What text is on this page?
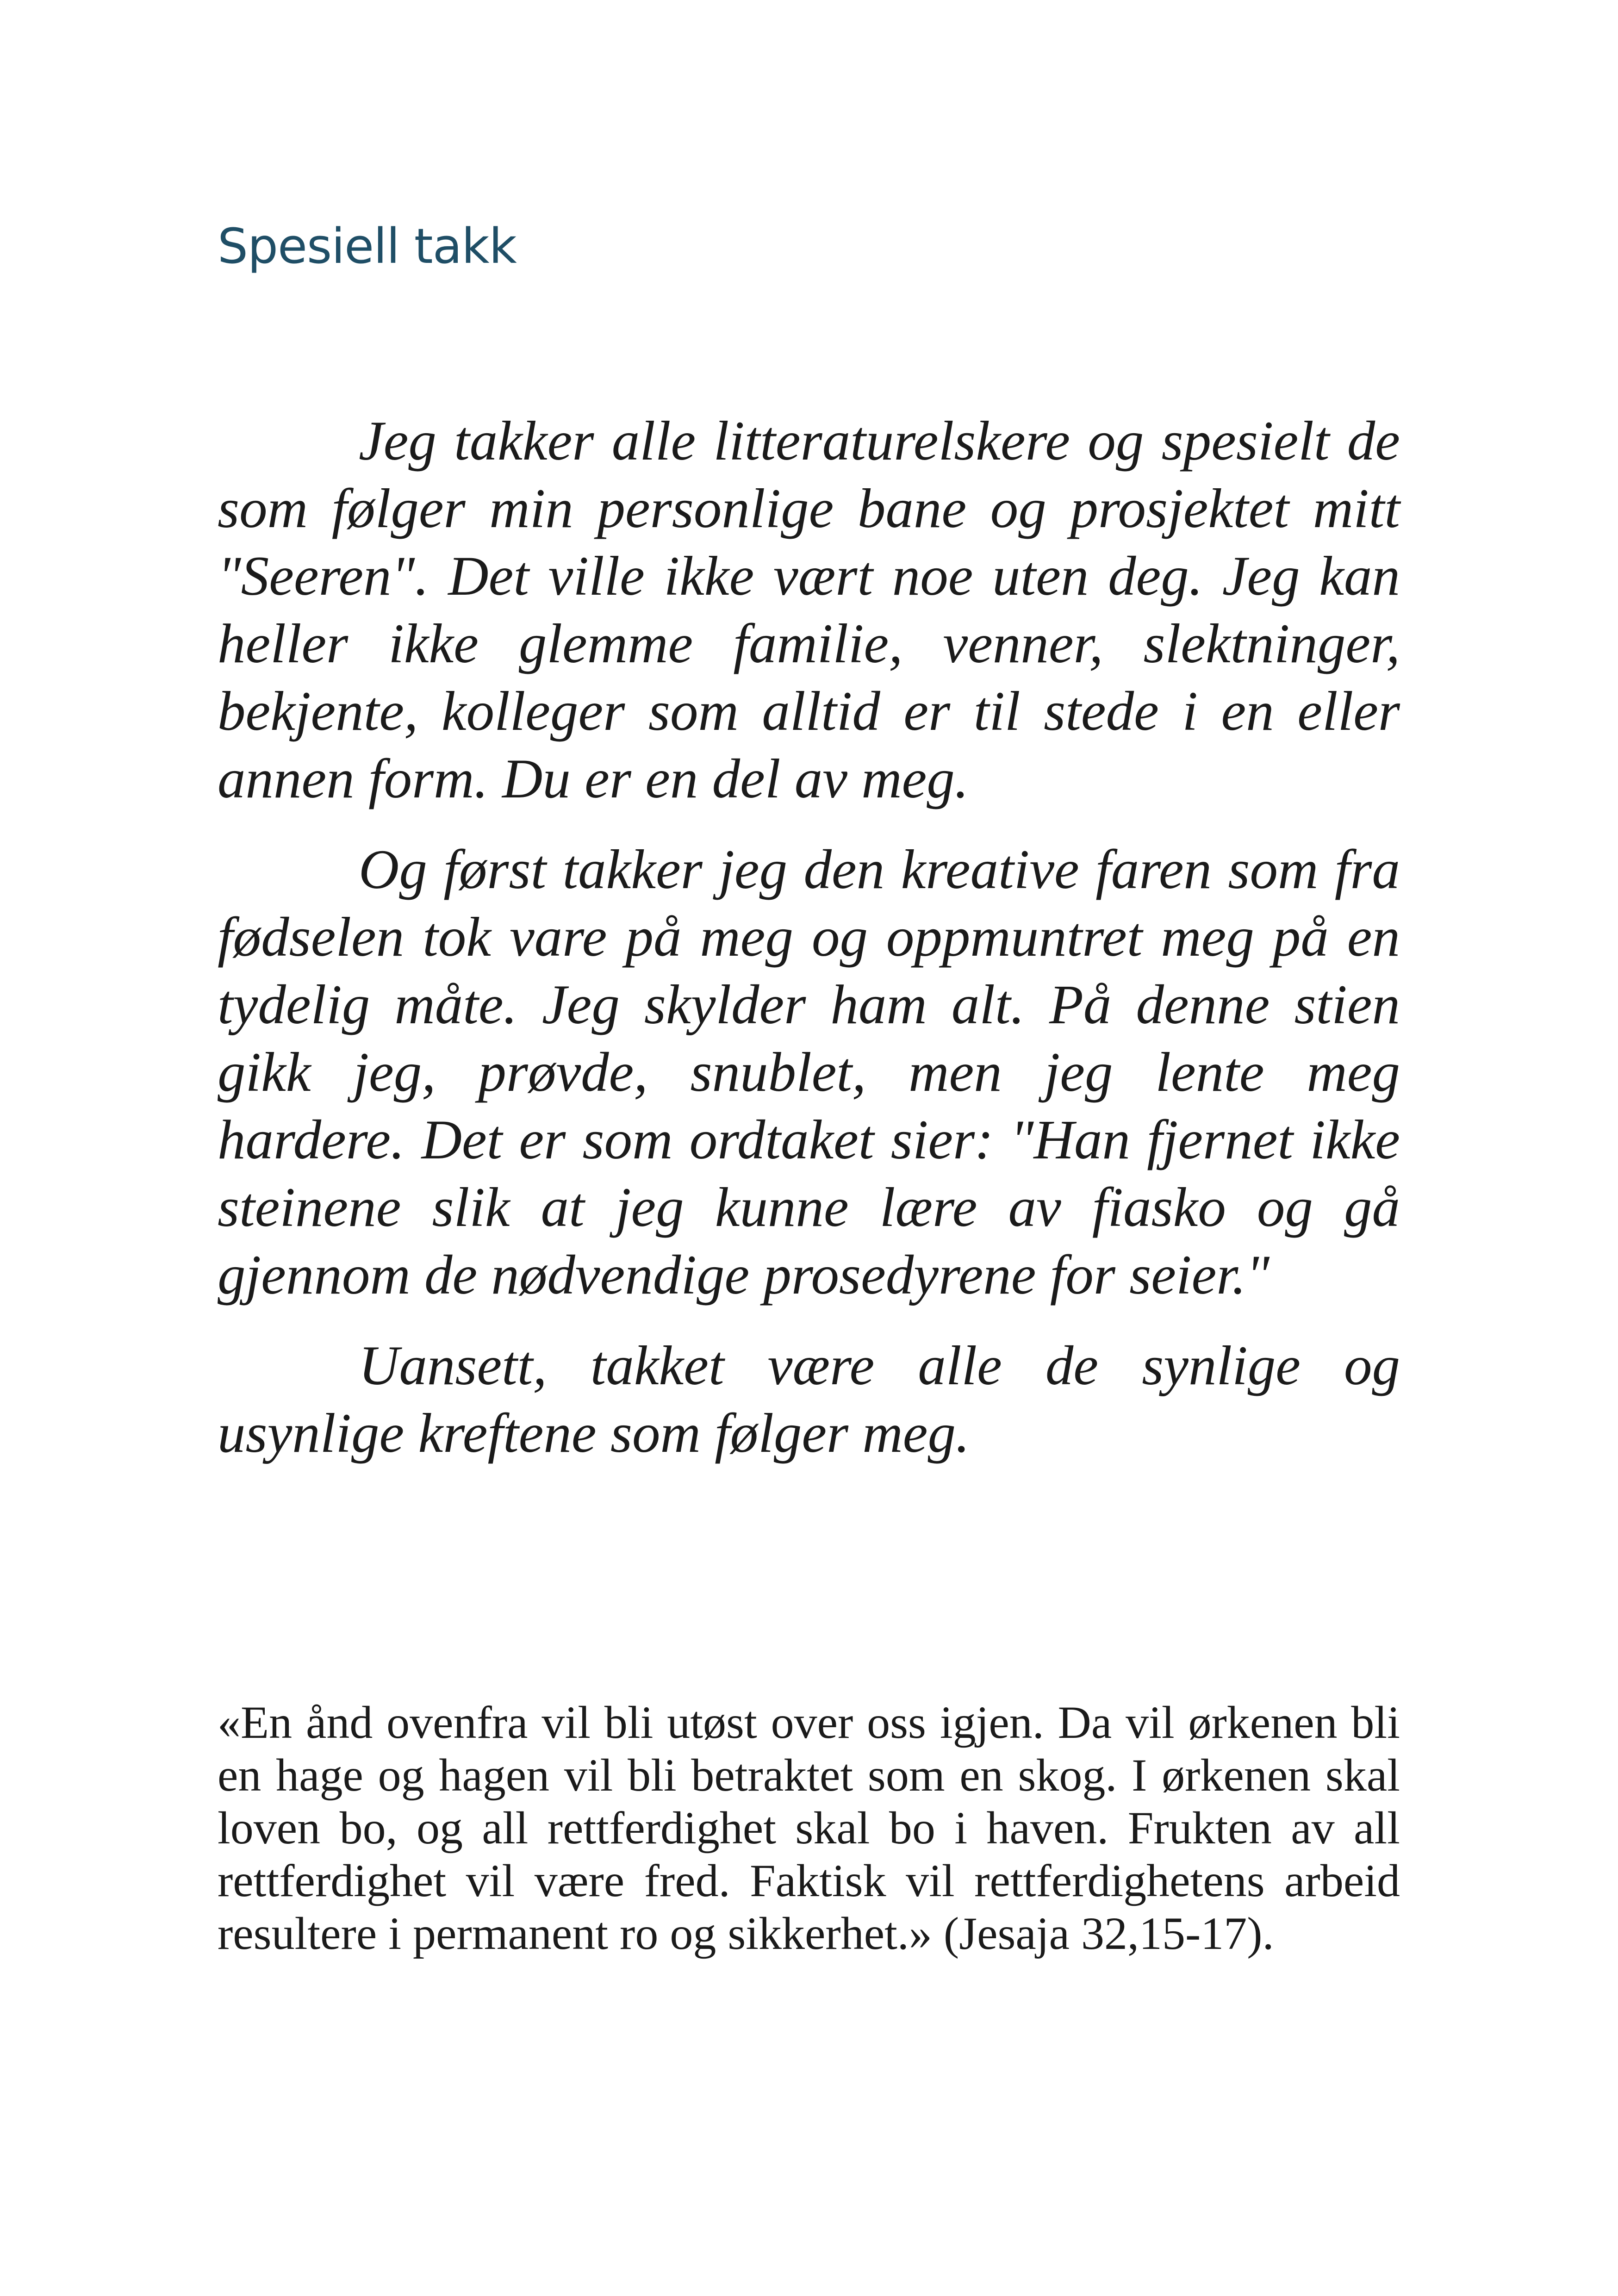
Spesiell takk

Jeg takker alle litteraturelskere og spesielt de som følger min personlige bane og prosjektet mitt "Seeren". Det ville ikke vært noe uten deg. Jeg kan heller ikke glemme familie, venner, slektninger, bekjente, kolleger som alltid er til stede i en eller annen form. Du er en del av meg.

Og først takker jeg den kreative faren som fra fødselen tok vare på meg og oppmuntret meg på en tydelig måte. Jeg skylder ham alt. På denne stien gikk jeg, prøvde, snublet, men jeg lente meg hardere. Det er som ordtaket sier: "Han fjernet ikke steinene slik at jeg kunne lære av fiasko og gå gjennom de nødvendige prosedyrene for seier."

Uansett, takket være alle de synlige og usynlige kreftene som følger meg.

«En ånd ovenfra vil bli utøst over oss igjen. Da vil ørkenen bli en hage og hagen vil bli betraktet som en skog. I ørkenen skal loven bo, og all rettferdighet skal bo i haven. Frukten av all rettferdighet vil være fred. Faktisk vil rettferdighetens arbeid resultere i permanent ro og sikkerhet.» (Jesaja 32,15-17).
